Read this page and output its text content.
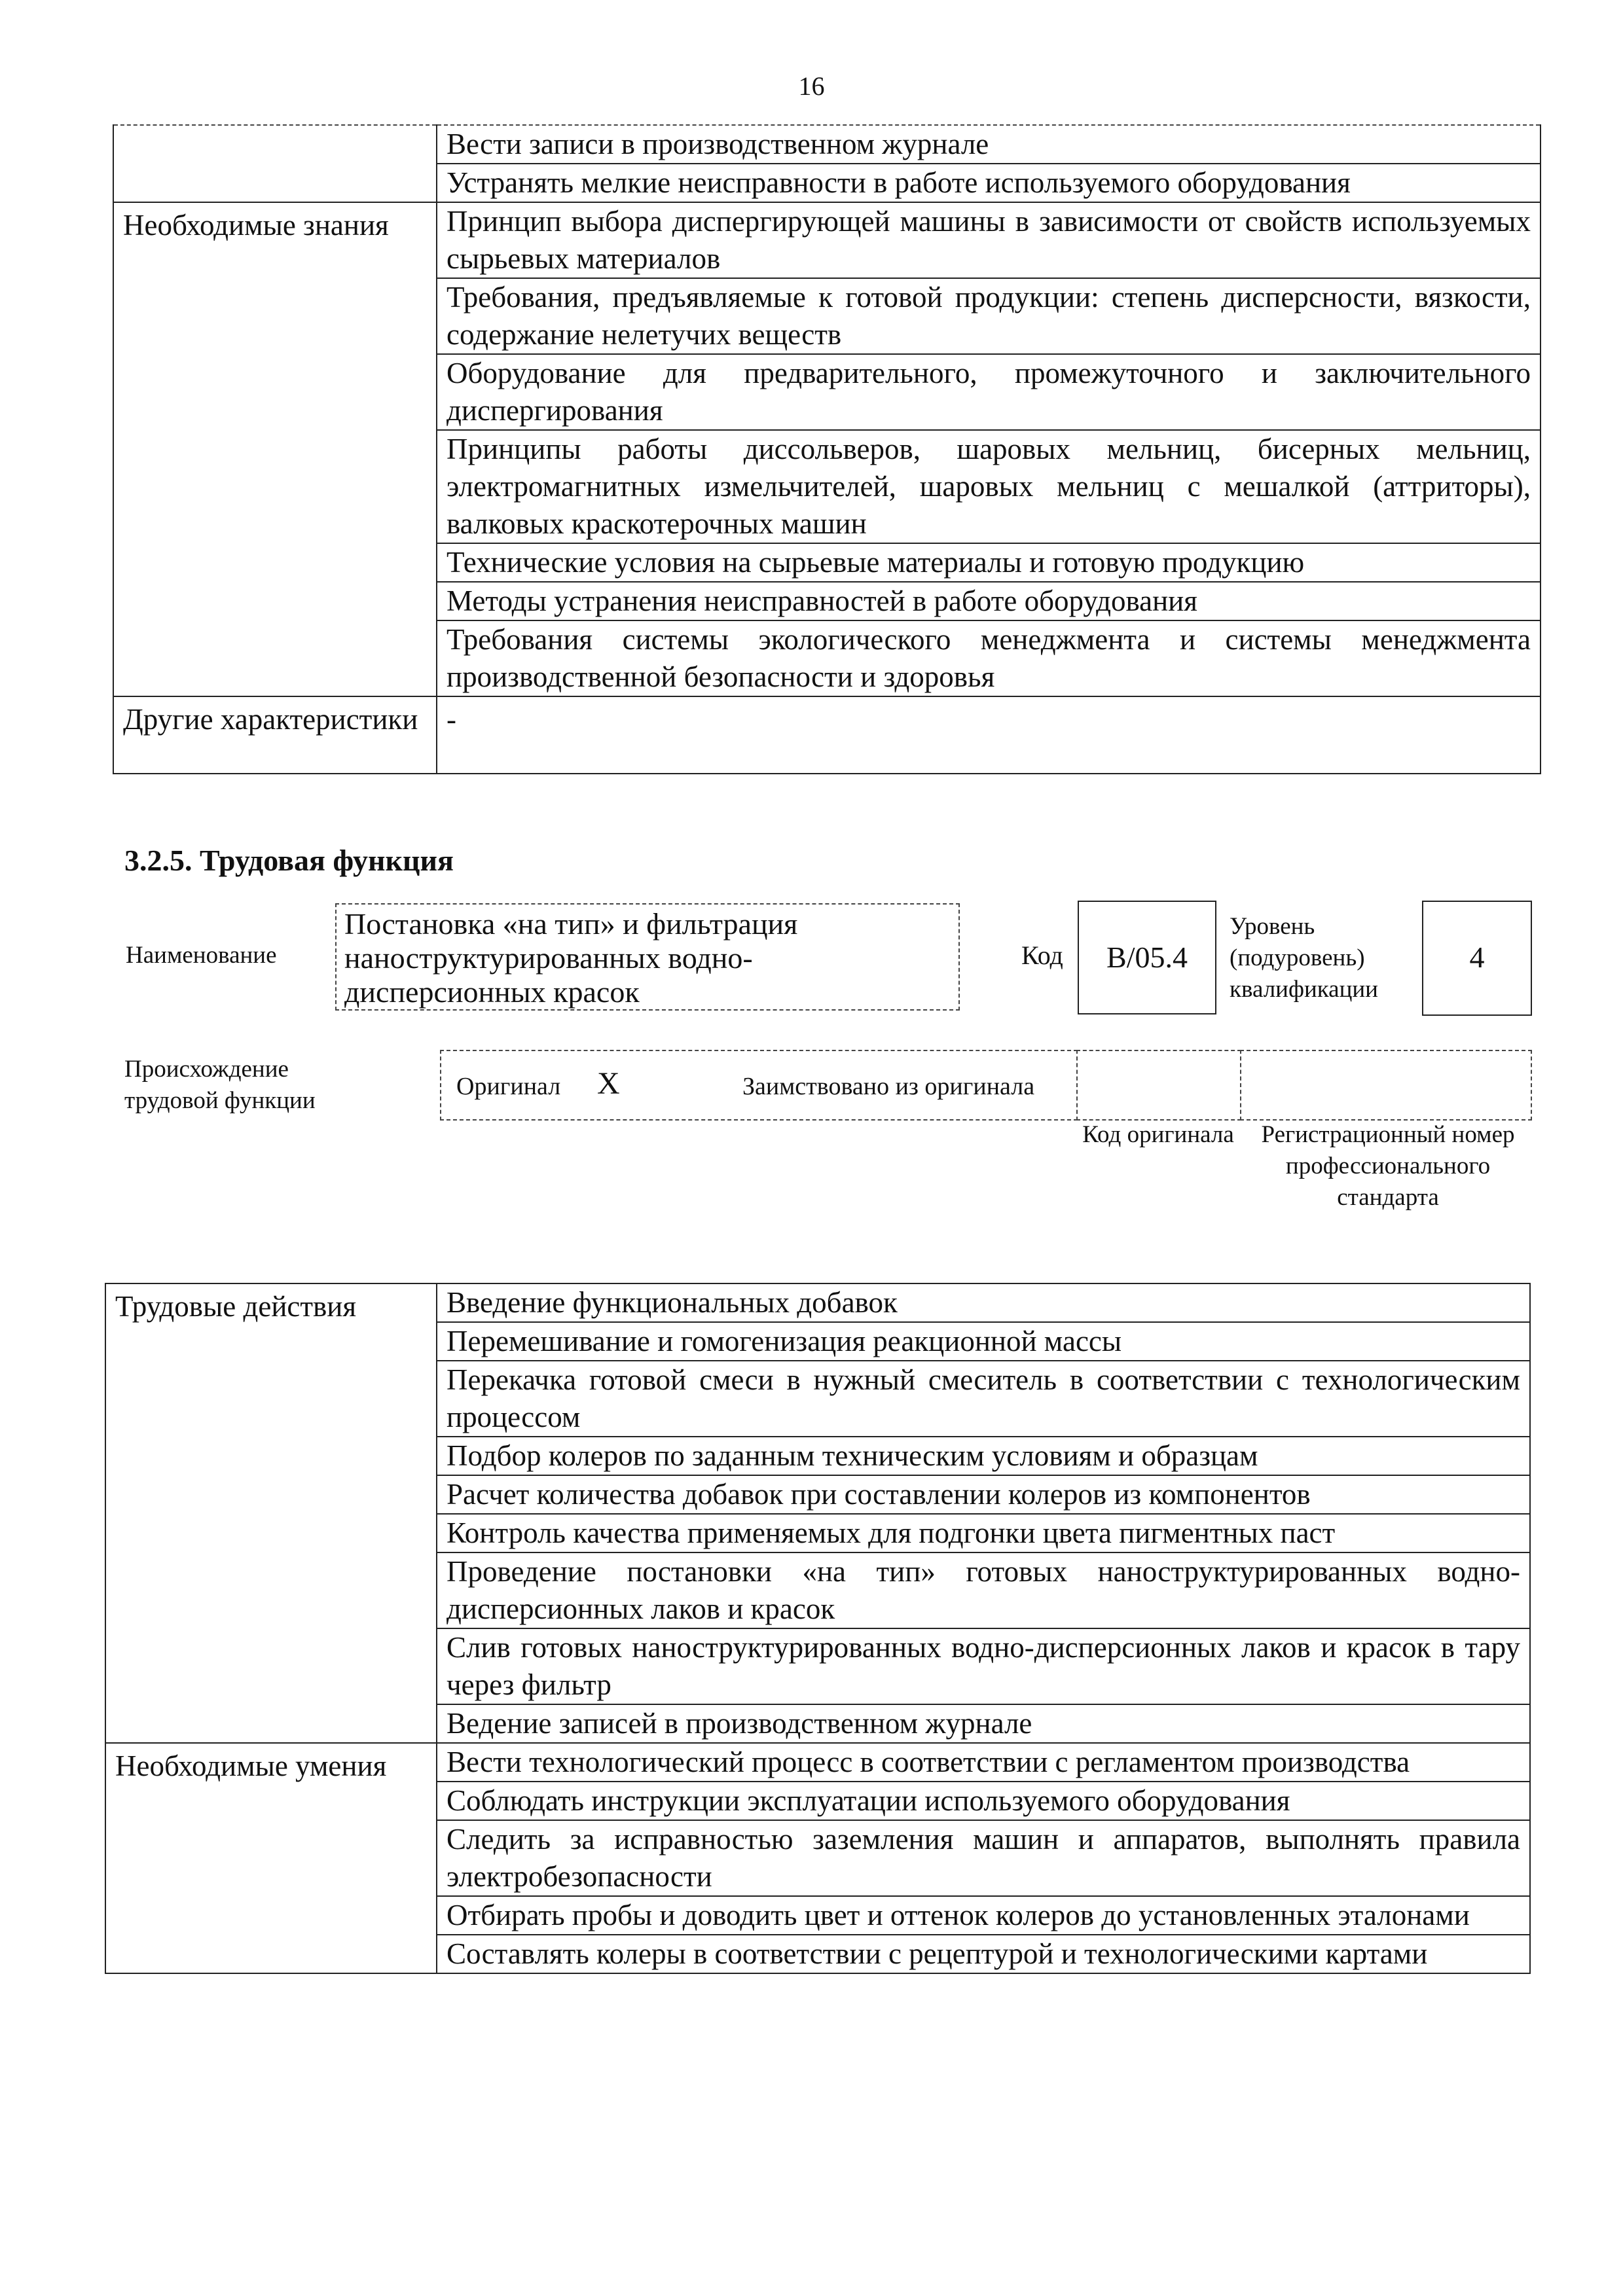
16
	Вести записи в производственном журнале
	Устранять мелкие неисправности в работе используемого оборудования
Необходимые знания	Принцип выбора диспергирующей машины в зависимости от свойств используемых сырьевых материалов
	Требования, предъявляемые к готовой продукции: степень дисперсности, вязкости, содержание нелетучих веществ
	Оборудование для предварительного, промежуточного и заключительного диспергирования
	Принципы работы диссольверов, шаровых мельниц, бисерных мельниц, электромагнитных измельчителей, шаровых мельниц с мешалкой (аттриторы), валковых краскотерочных машин
	Технические условия на сырьевые материалы и готовую продукцию
	Методы устранения неисправностей в работе оборудования
	Требования системы экологического менеджмента и системы менеджмента производственной безопасности и здоровья
Другие характеристики	-
3.2.5. Трудовая функция
Наименование
Постановка «на тип» и фильтрация наноструктурированных водно-дисперсионных красок
Код	B/05.4
Уровень (подуровень) квалификации
4
Происхождение трудовой функции
Оригинал X	Заимствовано из оригинала
Код оригинала	Регистрационный номер профессионального стандарта
Трудовые действия	Введение функциональных добавок
	Перемешивание и гомогенизация реакционной массы
	Перекачка готовой смеси в нужный смеситель в соответствии с технологическим процессом
	Подбор колеров по заданным техническим условиям и образцам
	Расчет количества добавок при составлении колеров из компонентов
	Контроль качества применяемых для подгонки цвета пигментных паст
	Проведение постановки «на тип» готовых наноструктурированных водно-дисперсионных лаков и красок
	Слив готовых наноструктурированных водно-дисперсионных лаков и красок в тару через фильтр
	Ведение записей в производственном журнале
Необходимые умения	Вести технологический процесс в соответствии с регламентом производства
	Соблюдать инструкции эксплуатации используемого оборудования
	Следить за исправностью заземления машин и аппаратов, выполнять правила электробезопасности
	Отбирать пробы и доводить цвет и оттенок колеров до установленных эталонами
	Составлять колеры в соответствии с рецептурой и технологическими картами
